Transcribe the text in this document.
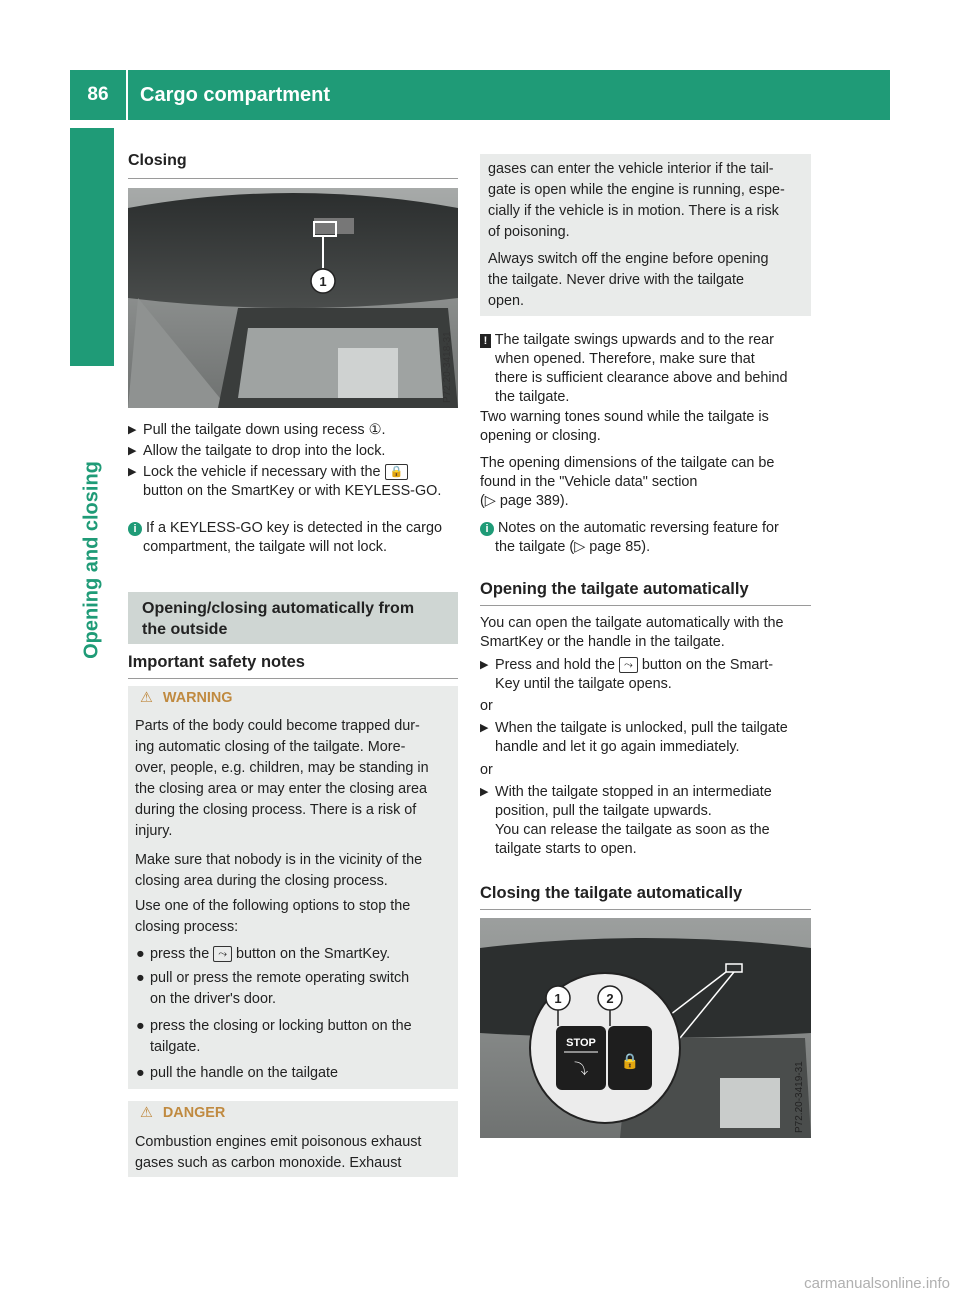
86	Cargo compartment
Opening and closing
Closing
1
P72.20-3418-31
▶ Pull the tailgate down using recess ①.
▶ Allow the tailgate to drop into the lock.
▶ Lock the vehicle if necessary with the 🔒
button on the SmartKey or with KEYLESS-GO.
i If a KEYLESS-GO key is detected in the cargo
compartment, the tailgate will not lock.
Opening/closing automatically from
the outside
Important safety notes
⚠ WARNING
Parts of the body could become trapped dur-
ing automatic closing of the tailgate. More-
over, people, e.g. children, may be standing in
the closing area or may enter the closing area
during the closing process. There is a risk of
injury.
Make sure that nobody is in the vicinity of the
closing area during the closing process.
Use one of the following options to stop the
closing process:
● press the ⤳ button on the SmartKey.
● pull or press the remote operating switch
on the driver's door.
● press the closing or locking button on the
tailgate.
● pull the handle on the tailgate
⚠ DANGER
Combustion engines emit poisonous exhaust
gases such as carbon monoxide. Exhaust
gases can enter the vehicle interior if the tail-
gate is open while the engine is running, espe-
cially if the vehicle is in motion. There is a risk
of poisoning.
Always switch off the engine before opening
the tailgate. Never drive with the tailgate
open.
! The tailgate swings upwards and to the rear
when opened. Therefore, make sure that
there is sufficient clearance above and behind
the tailgate.
Two warning tones sound while the tailgate is
opening or closing.
The opening dimensions of the tailgate can be
found in the "Vehicle data" section
(▷ page 389).
i Notes on the automatic reversing feature for
the tailgate (▷ page 85).
Opening the tailgate automatically
You can open the tailgate automatically with the
SmartKey or the handle in the tailgate.
▶ Press and hold the ⤳ button on the Smart-
Key until the tailgate opens.
or
▶ When the tailgate is unlocked, pull the tailgate
handle and let it go again immediately.
or
▶ With the tailgate stopped in an intermediate
position, pull the tailgate upwards.
You can release the tailgate as soon as the
tailgate starts to open.
Closing the tailgate automatically
STOP
⤵ 🔒
1	2
P72.20-3419-31
carmanualsonline.info
